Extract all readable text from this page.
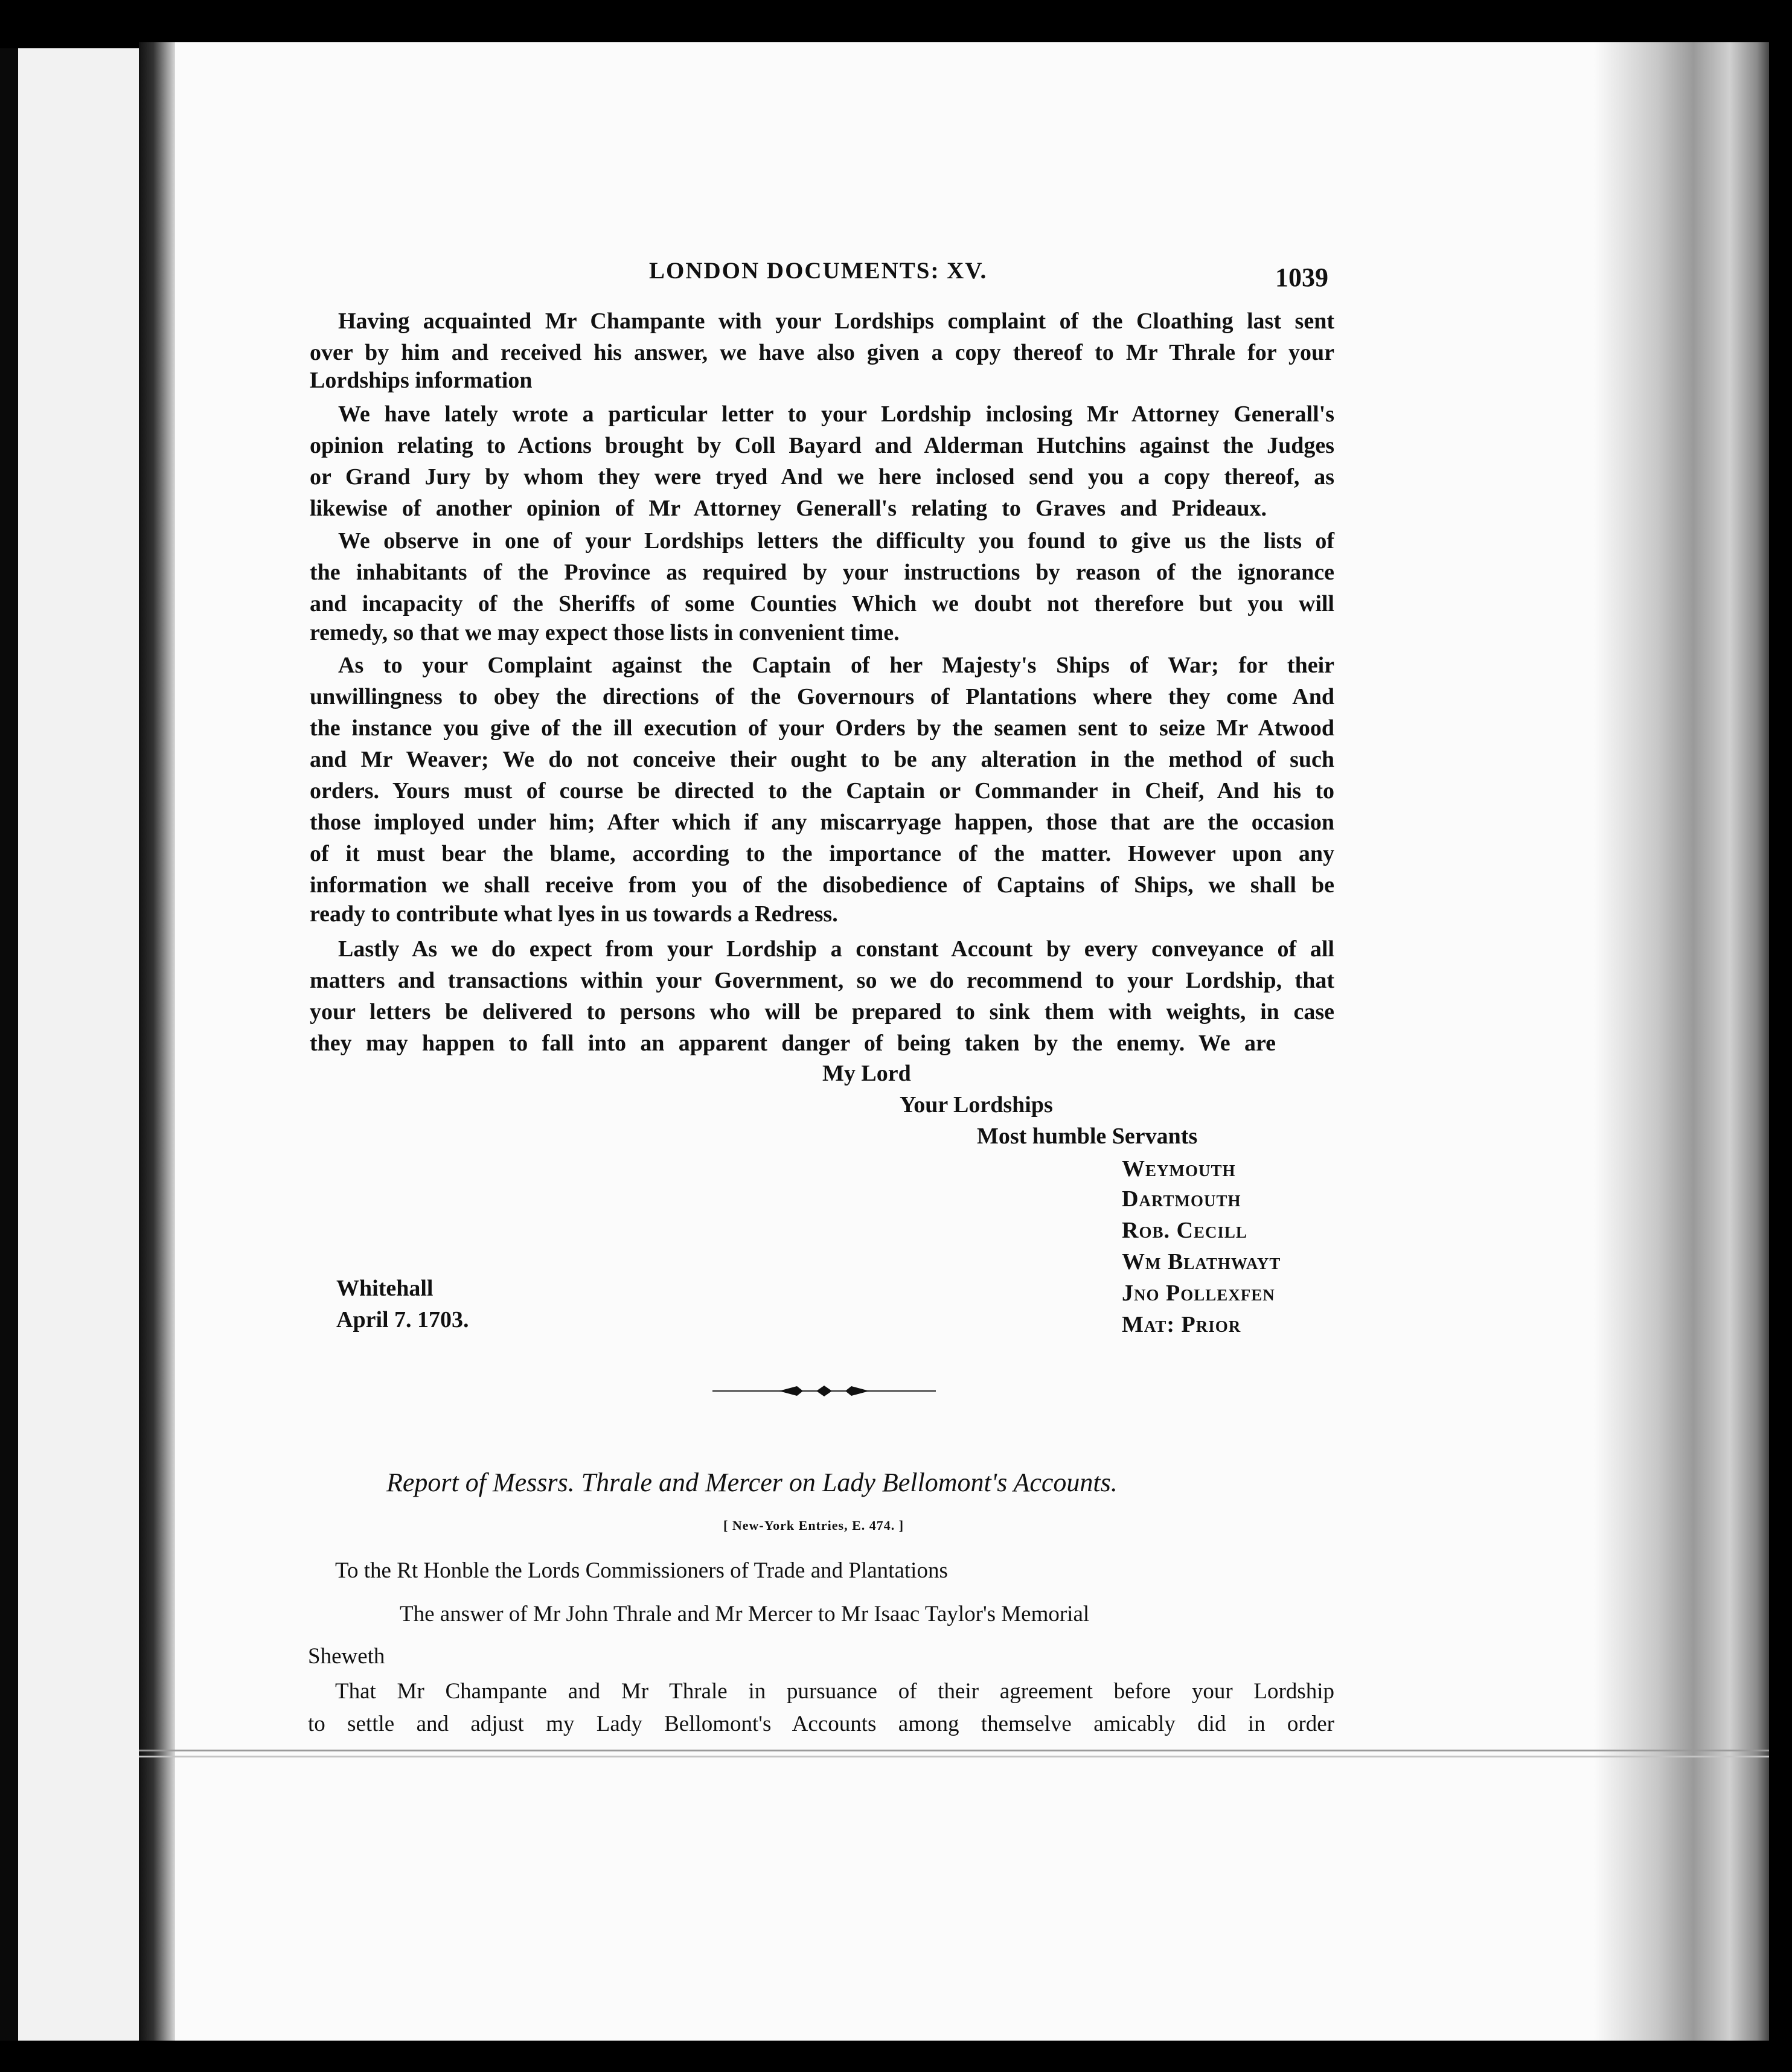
LONDON DOCUMENTS: XV.	1039
Having acquainted Mr Champante with your Lordships complaint of the Cloathing last sent
over by him and received his answer, we have also given a copy thereof to Mr Thrale for your
Lordships information
We have lately wrote a particular letter to your Lordship inclosing Mr Attorney Generall's
opinion relating to Actions brought by Coll Bayard and Alderman Hutchins against the Judges
or Grand Jury by whom they were tryed And we here inclosed send you a copy thereof, as
likewise of another opinion of Mr Attorney Generall's relating to Graves and Prideaux.
We observe in one of your Lordships letters the difficulty you found to give us the lists of
the inhabitants of the Province as required by your instructions by reason of the ignorance
and incapacity of the Sheriffs of some Counties Which we doubt not therefore but you will
remedy, so that we may expect those lists in convenient time.
As to your Complaint against the Captain of her Majesty's Ships of War; for their
unwillingness to obey the directions of the Governours of Plantations where they come And
the instance you give of the ill execution of your Orders by the seamen sent to seize Mr Atwood
and Mr Weaver; We do not conceive their ought to be any alteration in the method of such
orders. Yours must of course be directed to the Captain or Commander in Cheif, And his to
those imployed under him; After which if any miscarryage happen, those that are the occasion
of it must bear the blame, according to the importance of the matter. However upon any
information we shall receive from you of the disobedience of Captains of Ships, we shall be
ready to contribute what lyes in us towards a Redress.
Lastly As we do expect from your Lordship a constant Account by every conveyance of all
matters and transactions within your Government, so we do recommend to your Lordship, that
your letters be delivered to persons who will be prepared to sink them with weights, in case
they may happen to fall into an apparent danger of being taken by the enemy. We are
My Lord
Your Lordships
Most humble Servants
Weymouth
Dartmouth
Rob. Cecill
Wm Blathwayt
Jno Pollexfen
Mat: Prior
Whitehall
April 7. 1703.
Report of Messrs. Thrale and Mercer on Lady Bellomont's Accounts.
[ New-York Entries, E. 474. ]
To the Rt Honble the Lords Commissioners of Trade and Plantations
The answer of Mr John Thrale and Mr Mercer to Mr Isaac Taylor's Memorial
Sheweth
That Mr Champante and Mr Thrale in pursuance of their agreement before your Lordship
to settle and adjust my Lady Bellomont's Accounts among themselve amicably did in order
